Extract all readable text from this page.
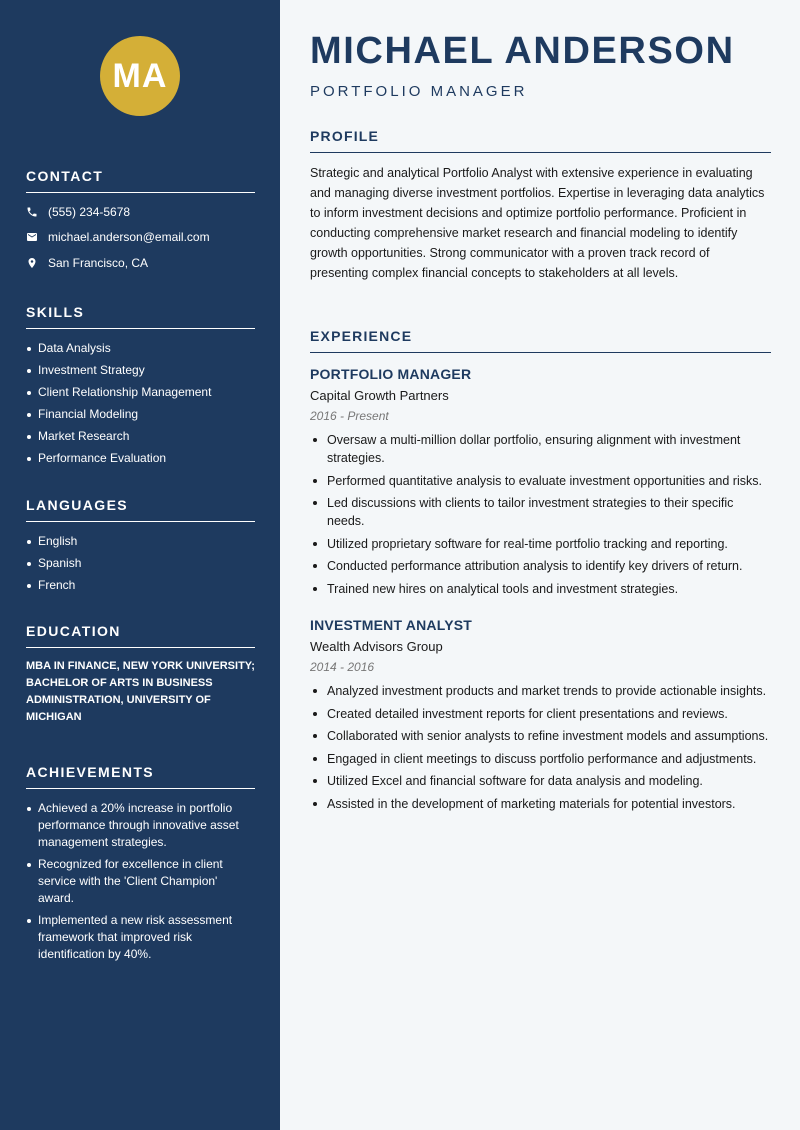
MA
CONTACT
(555) 234-5678
michael.anderson@email.com
San Francisco, CA
SKILLS
Data Analysis
Investment Strategy
Client Relationship Management
Financial Modeling
Market Research
Performance Evaluation
LANGUAGES
English
Spanish
French
EDUCATION
MBA IN FINANCE, NEW YORK UNIVERSITY; BACHELOR OF ARTS IN BUSINESS ADMINISTRATION, UNIVERSITY OF MICHIGAN
ACHIEVEMENTS
Achieved a 20% increase in portfolio performance through innovative asset management strategies.
Recognized for excellence in client service with the 'Client Champion' award.
Implemented a new risk assessment framework that improved risk identification by 40%.
MICHAEL ANDERSON
PORTFOLIO MANAGER
PROFILE
Strategic and analytical Portfolio Analyst with extensive experience in evaluating and managing diverse investment portfolios. Expertise in leveraging data analytics to inform investment decisions and optimize portfolio performance. Proficient in conducting comprehensive market research and financial modeling to identify growth opportunities. Strong communicator with a proven track record of presenting complex financial concepts to stakeholders at all levels.
EXPERIENCE
PORTFOLIO MANAGER
Capital Growth Partners
2016 - Present
Oversaw a multi-million dollar portfolio, ensuring alignment with investment strategies.
Performed quantitative analysis to evaluate investment opportunities and risks.
Led discussions with clients to tailor investment strategies to their specific needs.
Utilized proprietary software for real-time portfolio tracking and reporting.
Conducted performance attribution analysis to identify key drivers of return.
Trained new hires on analytical tools and investment strategies.
INVESTMENT ANALYST
Wealth Advisors Group
2014 - 2016
Analyzed investment products and market trends to provide actionable insights.
Created detailed investment reports for client presentations and reviews.
Collaborated with senior analysts to refine investment models and assumptions.
Engaged in client meetings to discuss portfolio performance and adjustments.
Utilized Excel and financial software for data analysis and modeling.
Assisted in the development of marketing materials for potential investors.
